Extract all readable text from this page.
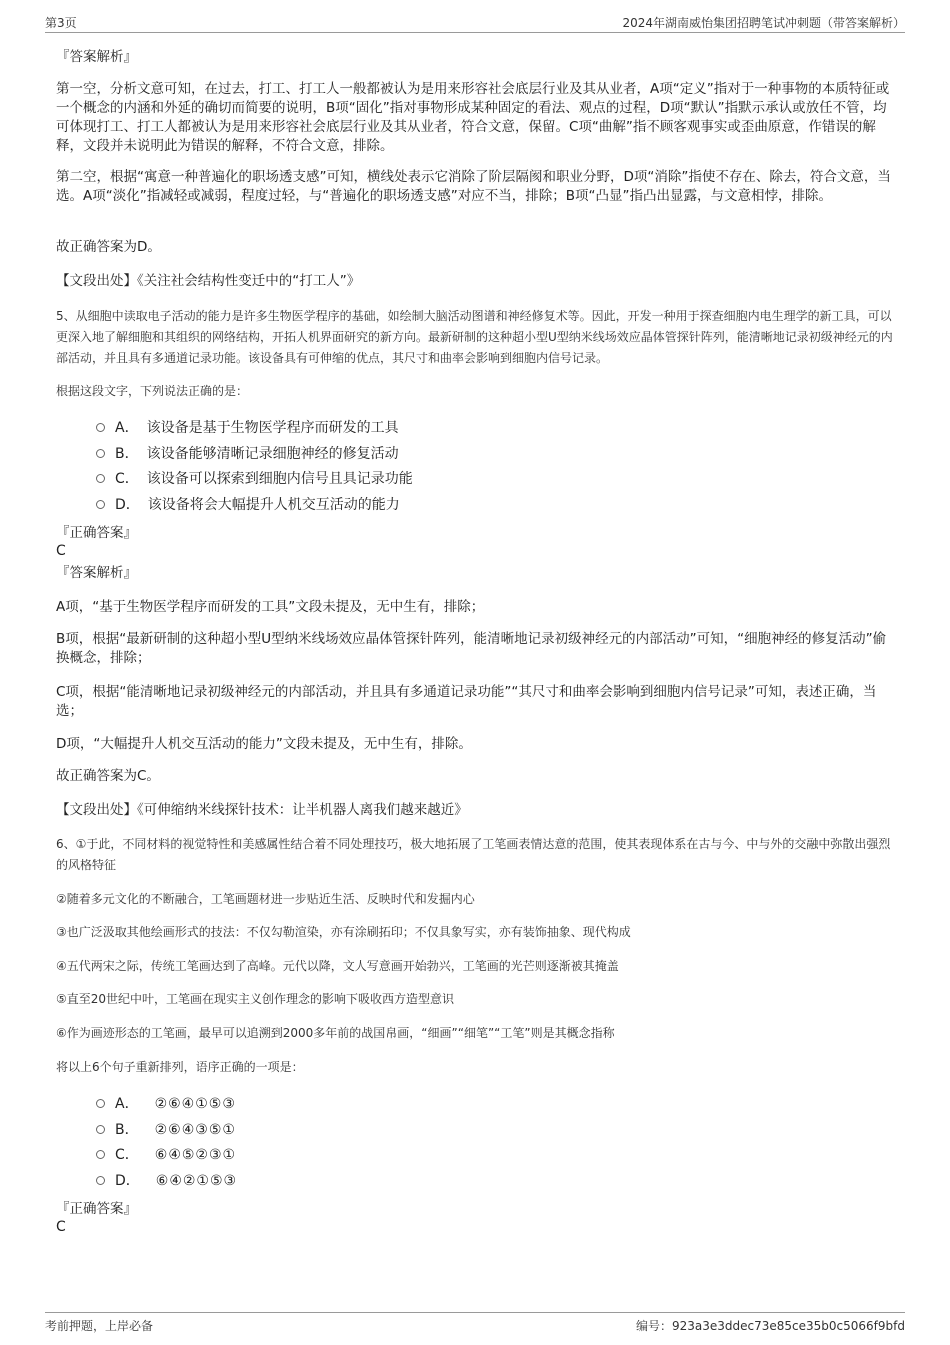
第3页	2024年湖南威怡集团招聘笔试冲刺题（带答案解析）

『答案解析』

第一空，分析文意可知，在过去，打工、打工人一般都被认为是用来形容社会底层行业及其从业者，A项“定义”指对于一种事物的本质特征或一个概念的内涵和外延的确切而简要的说明，B项“固化”指对事物形成某种固定的看法、观点的过程，D项“默认”指默示承认或放任不管，均可体现打工、打工人都被认为是用来形容社会底层行业及其从业者，符合文意，保留。C项“曲解”指不顾客观事实或歪曲原意，作错误的解释，文段并未说明此为错误的解释，不符合文意，排除。

第二空，根据“寓意一种普遍化的职场透支感”可知，横线处表示它消除了阶层隔阂和职业分野，D项“消除”指使不存在、除去，符合文意，当选。A项“淡化”指减轻或减弱，程度过轻，与“普遍化的职场透支感”对应不当，排除；B项“凸显”指凸出显露，与文意相悖，排除。

故正确答案为D。

【文段出处】《关注社会结构性变迁中的“打工人”》

5、从细胞中读取电子活动的能力是许多生物医学程序的基础，如绘制大脑活动图谱和神经修复术等。因此，开发一种用于探查细胞内电生理学的新工具，可以更深入地了解细胞和其组织的网络结构，开拓人机界面研究的新方向。最新研制的这种超小型U型纳米线场效应晶体管探针阵列，能清晰地记录初级神经元的内部活动，并且具有多通道记录功能。该设备具有可伸缩的优点，其尺寸和曲率会影响到细胞内信号记录。

根据这段文字，下列说法正确的是：

A． 该设备是基于生物医学程序而研发的工具
B． 该设备能够清晰记录细胞神经的修复活动
C． 该设备可以探索到细胞内信号且具记录功能
D． 该设备将会大幅提升人机交互活动的能力

『正确答案』

C

『答案解析』

A项，“基于生物医学程序而研发的工具”文段未提及，无中生有，排除；

B项，根据“最新研制的这种超小型U型纳米线场效应晶体管探针阵列，能清晰地记录初级神经元的内部活动”可知，“细胞神经的修复活动”偷换概念，排除；

C项，根据“能清晰地记录初级神经元的内部活动，并且具有多通道记录功能”“其尺寸和曲率会影响到细胞内信号记录”可知，表述正确，当选；

D项，“大幅提升人机交互活动的能力”文段未提及，无中生有，排除。

故正确答案为C。

【文段出处】《可伸缩纳米线探针技术：让半机器人离我们越来越近》

6、①于此，不同材料的视觉特性和美感属性结合着不同处理技巧，极大地拓展了工笔画表情达意的范围，使其表现体系在古与今、中与外的交融中弥散出强烈的风格特征

②随着多元文化的不断融合，工笔画题材进一步贴近生活、反映时代和发掘内心

③也广泛汲取其他绘画形式的技法：不仅勾勒渲染，亦有涂刷拓印；不仅具象写实，亦有装饰抽象、现代构成

④五代两宋之际，传统工笔画达到了高峰。元代以降，文人写意画开始勃兴，工笔画的光芒则逐渐被其掩盖

⑤直至20世纪中叶，工笔画在现实主义创作理念的影响下吸收西方造型意识

⑥作为画迹形态的工笔画，最早可以追溯到2000多年前的战国帛画，“细画”“细笔”“工笔”则是其概念指称

将以上6个句子重新排列，语序正确的一项是：

A． ②⑥④①⑤③
B． ②⑥④③⑤①
C． ⑥④⑤②③①
D． ⑥④②①⑤③

『正确答案』

C

考前押题，上岸必备	编号：923a3e3ddec73e85ce35b0c5066f9bfd
